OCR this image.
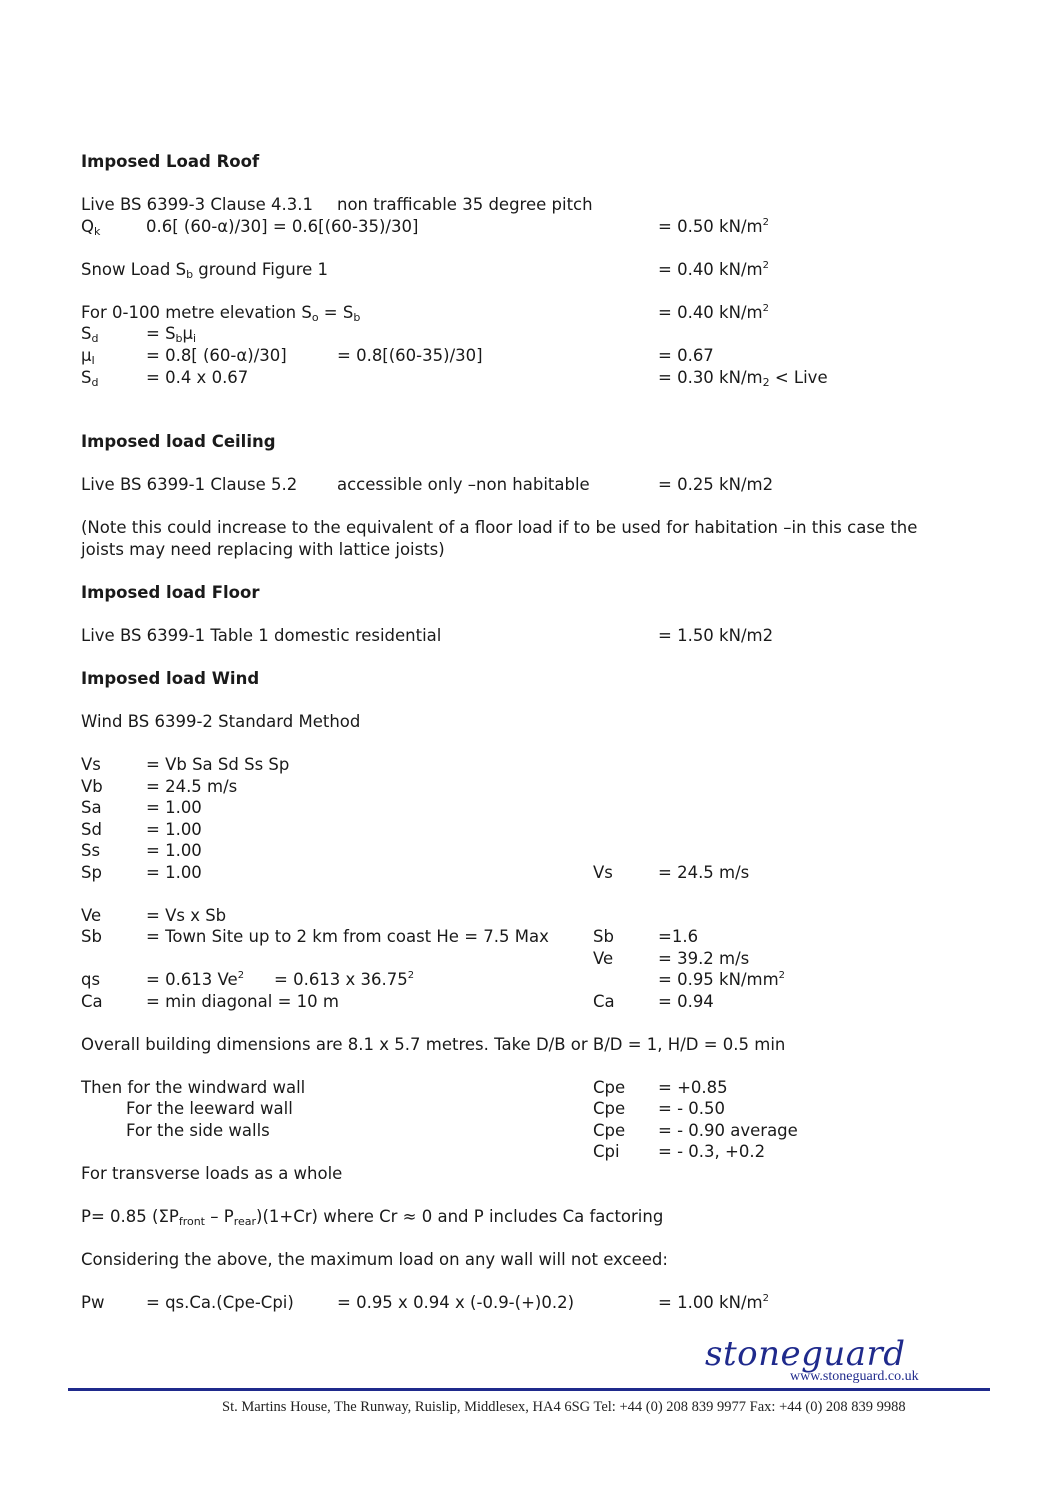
Imposed Load Roof
Live BS 6399-3 Clause 4.3.1 non trafficable 35 degree pitch
$Q_k$	0.6[ (60-α)/30] = 0.6[(60-35)/30]	= 0.50 $kN/m^2$
Snow Load $S_b$ ground Figure 1	= 0.40 $kN/m^2$
For 0-100 metre elevation $S_o = S_b$	= 0.40 $kN/m^2$
$S_d$	= $S_b\mu_i$
$\mu_I$	= 0.8[ (60-α)/30]	= 0.8[(60-35)/30]	= 0.67
$S_d$	= 0.4 x 0.67	= 0.30 $kN/m_2$ < Live
Imposed load Ceiling
Live BS 6399-1 Clause 5.2 accessible only –non habitable	= 0.25 kN/m2
(Note this could increase to the equivalent of a floor load if to be used for habitation –in this case the joists may need replacing with lattice joists)
Imposed load Floor
Live BS 6399-1 Table 1 domestic residential	= 1.50 kN/m2
Imposed load Wind
Wind BS 6399-2 Standard Method
Vs	= Vb Sa Sd Ss Sp
Vb	= 24.5 m/s
Sa	= 1.00
Sd	= 1.00
Ss	= 1.00
Sp	= 1.00	Vs	= 24.5 m/s
Ve	= Vs x Sb
Sb	= Town Site up to 2 km from coast He = 7.5 Max	Sb	=1.6
Ve	= 39.2 m/s
qs	= 0.613 $Ve^2 = 0.613$ x $36.75^2$	= 0.95 $kN/mm^2$
Ca	= min diagonal = 10 m	Ca	= 0.94
Overall building dimensions are 8.1 x 5.7 metres. Take D/B or B/D = 1, H/D = 0.5 min
Then for the windward wall	Cpe = +0.85
For the leeward wall	Cpe = - 0.50
For the side walls	Cpe = - 0.90 average
Cpi = - 0.3, +0.2
For transverse loads as a whole
P= 0.85 $(\Sigma P_{front} - P_{rear})(1+Cr)$ where Cr ≈ 0 and P includes Ca factoring
Considering the above, the maximum load on any wall will not exceed:
Pw	= qs.Ca.(Cpe-Cpi)	= 0.95 x 0.94 x (-0.9-(+)0.2)	= 1.00 $kN/m^2$
stoneguard
www.stoneguard.co.uk
St. Martins House, The Runway, Ruislip, Middlesex, HA4 6SG Tel: +44 (0) 208 839 9977 Fax: +44 (0) 208 839 9988
